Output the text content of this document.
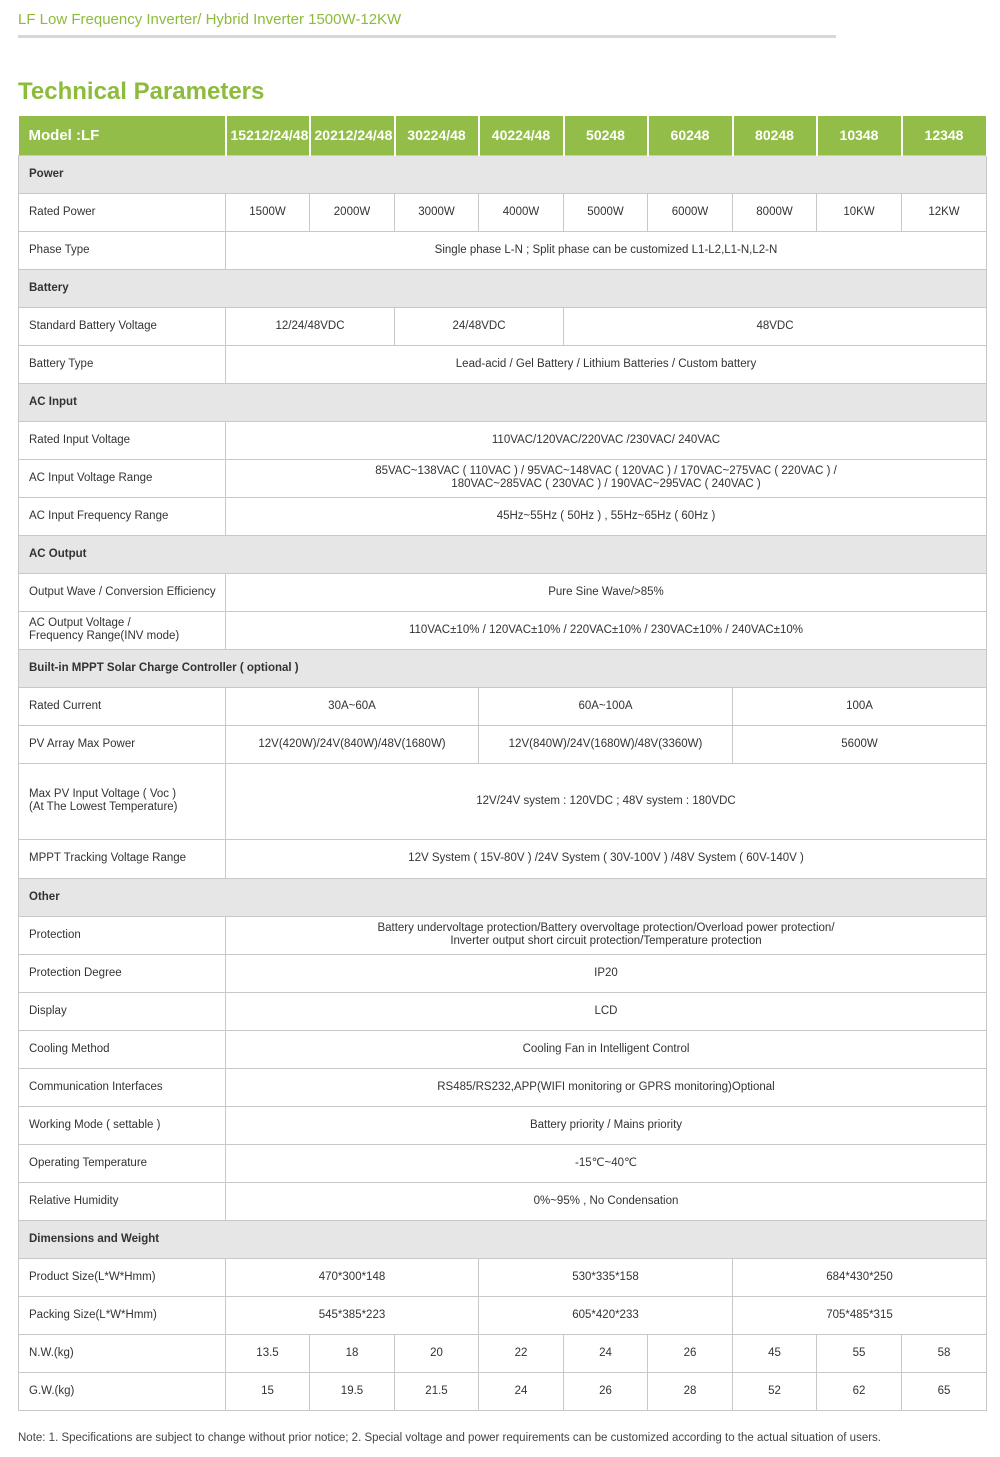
LF Low Frequency Inverter/ Hybrid Inverter 1500W-12KW
Technical Parameters
Model :LF	15212/24/48	20212/24/48	30224/48	40224/48	50248	60248	80248	10348	12348
Power									
Rated Power	1500W	2000W	3000W	4000W	5000W	6000W	8000W	10KW	12KW
Phase Type	Single phase L-N ; Split phase can be customized L1-L2,L1-N,L2-N								
Battery									
Standard Battery Voltage	12/24/48VDC		24/48VDC		48VDC				
Battery Type	Lead-acid / Gel Battery / Lithium Batteries / Custom battery								
AC Input									
Rated Input Voltage	110VAC/120VAC/220VAC /230VAC/ 240VAC								
AC Input Voltage Range	85VAC~138VAC ( 110VAC ) / 95VAC~148VAC ( 120VAC ) / 170VAC~275VAC ( 220VAC ) /
180VAC~285VAC ( 230VAC ) / 190VAC~295VAC ( 240VAC )								

AC Input Frequency Range	45Hz~55Hz ( 50Hz ) , 55Hz~65Hz ( 60Hz )								
AC Output									
Output Wave / Conversion Efficiency	Pure Sine Wave/>85%								

AC Output Voltage /
Frequency Range(INV mode)	110VAC±10% / 120VAC±10% / 220VAC±10% / 230VAC±10% / 240VAC±10%								
Built-in MPPT Solar Charge Controller ( optional )									
Rated Current	30A~60A			60A~100A			100A		
PV Array Max Power	12V(420W)/24V(840W)/48V(1680W)			12V(840W)/24V(1680W)/48V(3360W)			5600W		

Max PV Input Voltage ( Voc )
(At The Lowest Temperature)	12V/24V system : 120VDC ; 48V system : 180VDC								
MPPT Tracking Voltage Range	12V System ( 15V-80V ) /24V System ( 30V-100V ) /48V System ( 60V-140V )								
Other									
Protection	Battery undervoltage protection/Battery overvoltage protection/Overload power protection/
Inverter output short circuit protection/Temperature protection								

Protection Degree	IP20								
Display	LCD								
Cooling Method	Cooling Fan in Intelligent Control								
Communication Interfaces	RS485/RS232,APP(WIFI monitoring or GPRS monitoring)Optional								
Working Mode ( settable )	Battery priority / Mains priority								
Operating Temperature	-15℃~40℃								
Relative Humidity	0%~95% , No Condensation								
Dimensions and Weight									
Product Size(L*W*Hmm)	470*300*148			530*335*158			684*430*250		
Packing Size(L*W*Hmm)	545*385*223			605*420*233			705*485*315		
N.W.(kg)	13.5	18	20	22	24	26	45	55	58
G.W.(kg)	15	19.5	21.5	24	26	28	52	62	65
Note: 1. Specifications are subject to change without prior notice; 2. Special voltage and power requirements can be customized according to the actual situation of users.
